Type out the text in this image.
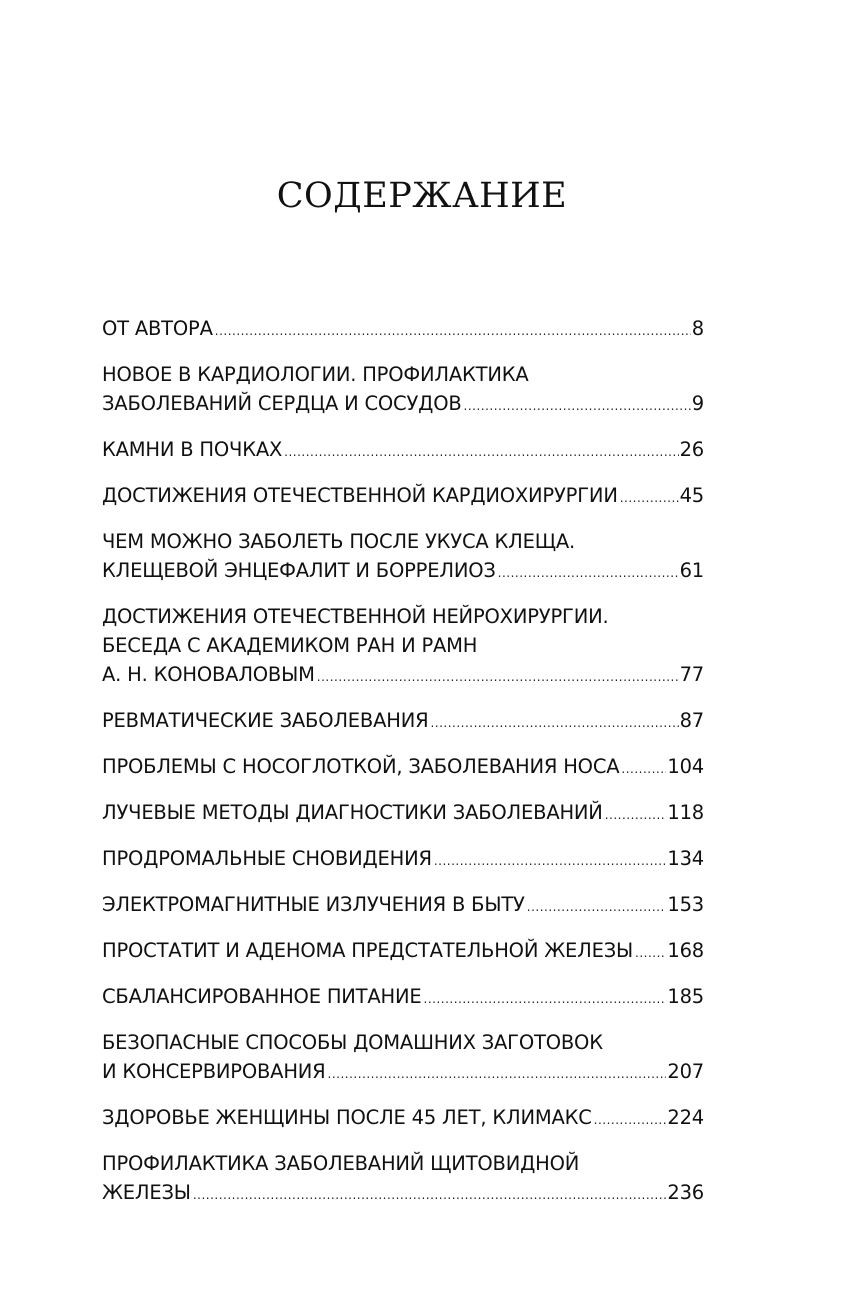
СОДЕРЖАНИЕ
ОТ АВТОРА .....	8
НОВОЕ В КАРДИОЛОГИИ. ПРОФИЛАКТИКА
ЗАБОЛЕВАНИЙ СЕРДЦА И СОСУДОВ .....	9
КАМНИ В ПОЧКАХ .....	26
ДОСТИЖЕНИЯ ОТЕЧЕСТВЕННОЙ КАРДИОХИРУРГИИ .....	45
ЧЕМ МОЖНО ЗАБОЛЕТЬ ПОСЛЕ УКУСА КЛЕЩА.
КЛЕЩЕВОЙ ЭНЦЕФАЛИТ И БОРРЕЛИОЗ .....	61
ДОСТИЖЕНИЯ ОТЕЧЕСТВЕННОЙ НЕЙРОХИРУРГИИ.
БЕСЕДА С АКАДЕМИКОМ РАН И РАМН
А. Н. КОНОВАЛОВЫМ .....	77
РЕВМАТИЧЕСКИЕ ЗАБОЛЕВАНИЯ .....	87
ПРОБЛЕМЫ С НОСОГЛОТКОЙ, ЗАБОЛЕВАНИЯ НОСА ..... 104
ЛУЧЕВЫЕ МЕТОДЫ ДИАГНОСТИКИ ЗАБОЛЕВАНИЙ .....	118
ПРОДРОМАЛЬНЫЕ СНОВИДЕНИЯ .....	134
ЭЛЕКТРОМАГНИТНЫЕ ИЗЛУЧЕНИЯ В БЫТУ .....	153
ПРОСТАТИТ И АДЕНОМА ПРЕДСТАТЕЛЬНОЙ ЖЕЛЕЗЫ ..... 168
СБАЛАНСИРОВАННОЕ ПИТАНИЕ .....	185
БЕЗОПАСНЫЕ СПОСОБЫ ДОМАШНИХ ЗАГОТОВОК
И КОНСЕРВИРОВАНИЯ .....	207
ЗДОРОВЬЕ ЖЕНЩИНЫ ПОСЛЕ 45 ЛЕТ, КЛИМАКС .....	224
ПРОФИЛАКТИКА ЗАБОЛЕВАНИЙ ЩИТОВИДНОЙ
ЖЕЛЕЗЫ .....	236
